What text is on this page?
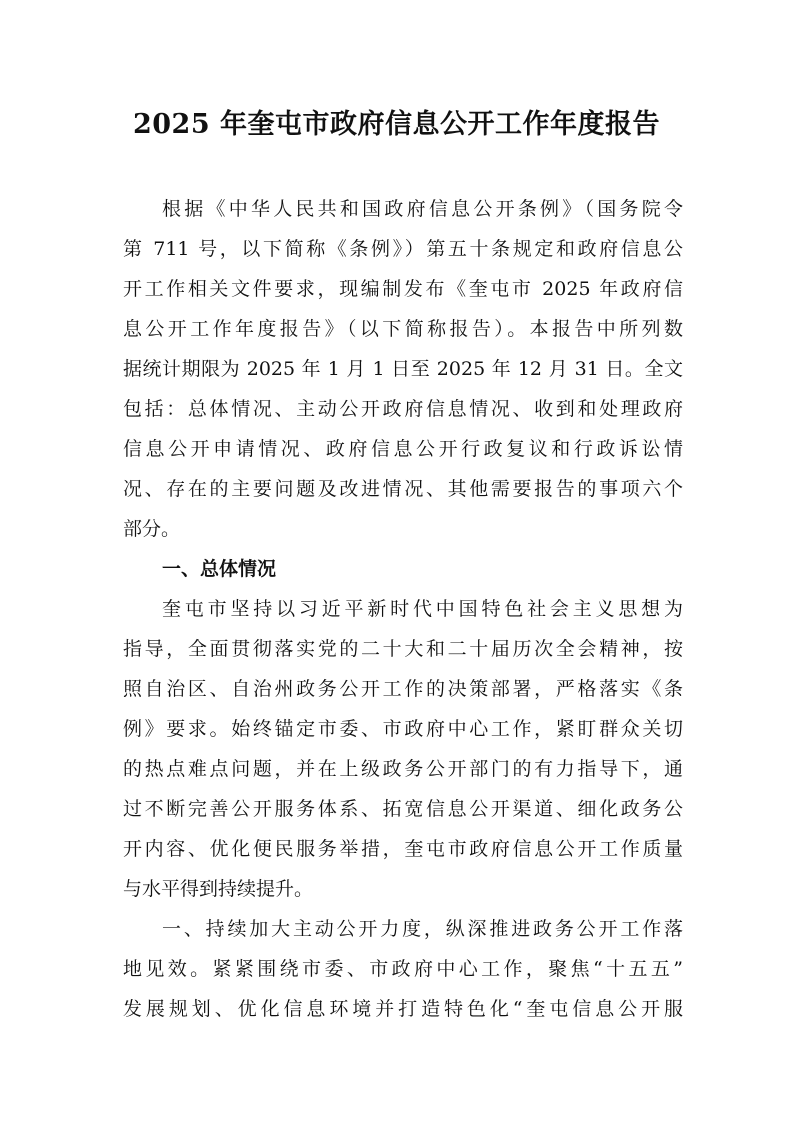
2025 年奎屯市政府信息公开工作年度报告
根据《中华人民共和国政府信息公开条例》（国务院令
第 711 号，以下简称《条例》）第五十条规定和政府信息公
开工作相关文件要求，现编制发布《奎屯市 2025 年政府信
息公开工作年度报告》（以下简称报告）。本报告中所列数
据统计期限为 2025 年 1 月 1 日至 2025 年 12 月 31 日。全文
包括：总体情况、主动公开政府信息情况、收到和处理政府
信息公开申请情况、政府信息公开行政复议和行政诉讼情
况、存在的主要问题及改进情况、其他需要报告的事项六个
部分。
一、总体情况
奎屯市坚持以习近平新时代中国特色社会主义思想为
指导，全面贯彻落实党的二十大和二十届历次全会精神，按
照自治区、自治州政务公开工作的决策部署，严格落实《条
例》要求。始终锚定市委、市政府中心工作，紧盯群众关切
的热点难点问题，并在上级政务公开部门的有力指导下，通
过不断完善公开服务体系、拓宽信息公开渠道、细化政务公
开内容、优化便民服务举措，奎屯市政府信息公开工作质量
与水平得到持续提升。
一、持续加大主动公开力度，纵深推进政务公开工作落
地见效。紧紧围绕市委、市政府中心工作，聚焦“十五五”
发展规划、优化信息环境并打造特色化“奎屯信息公开服
